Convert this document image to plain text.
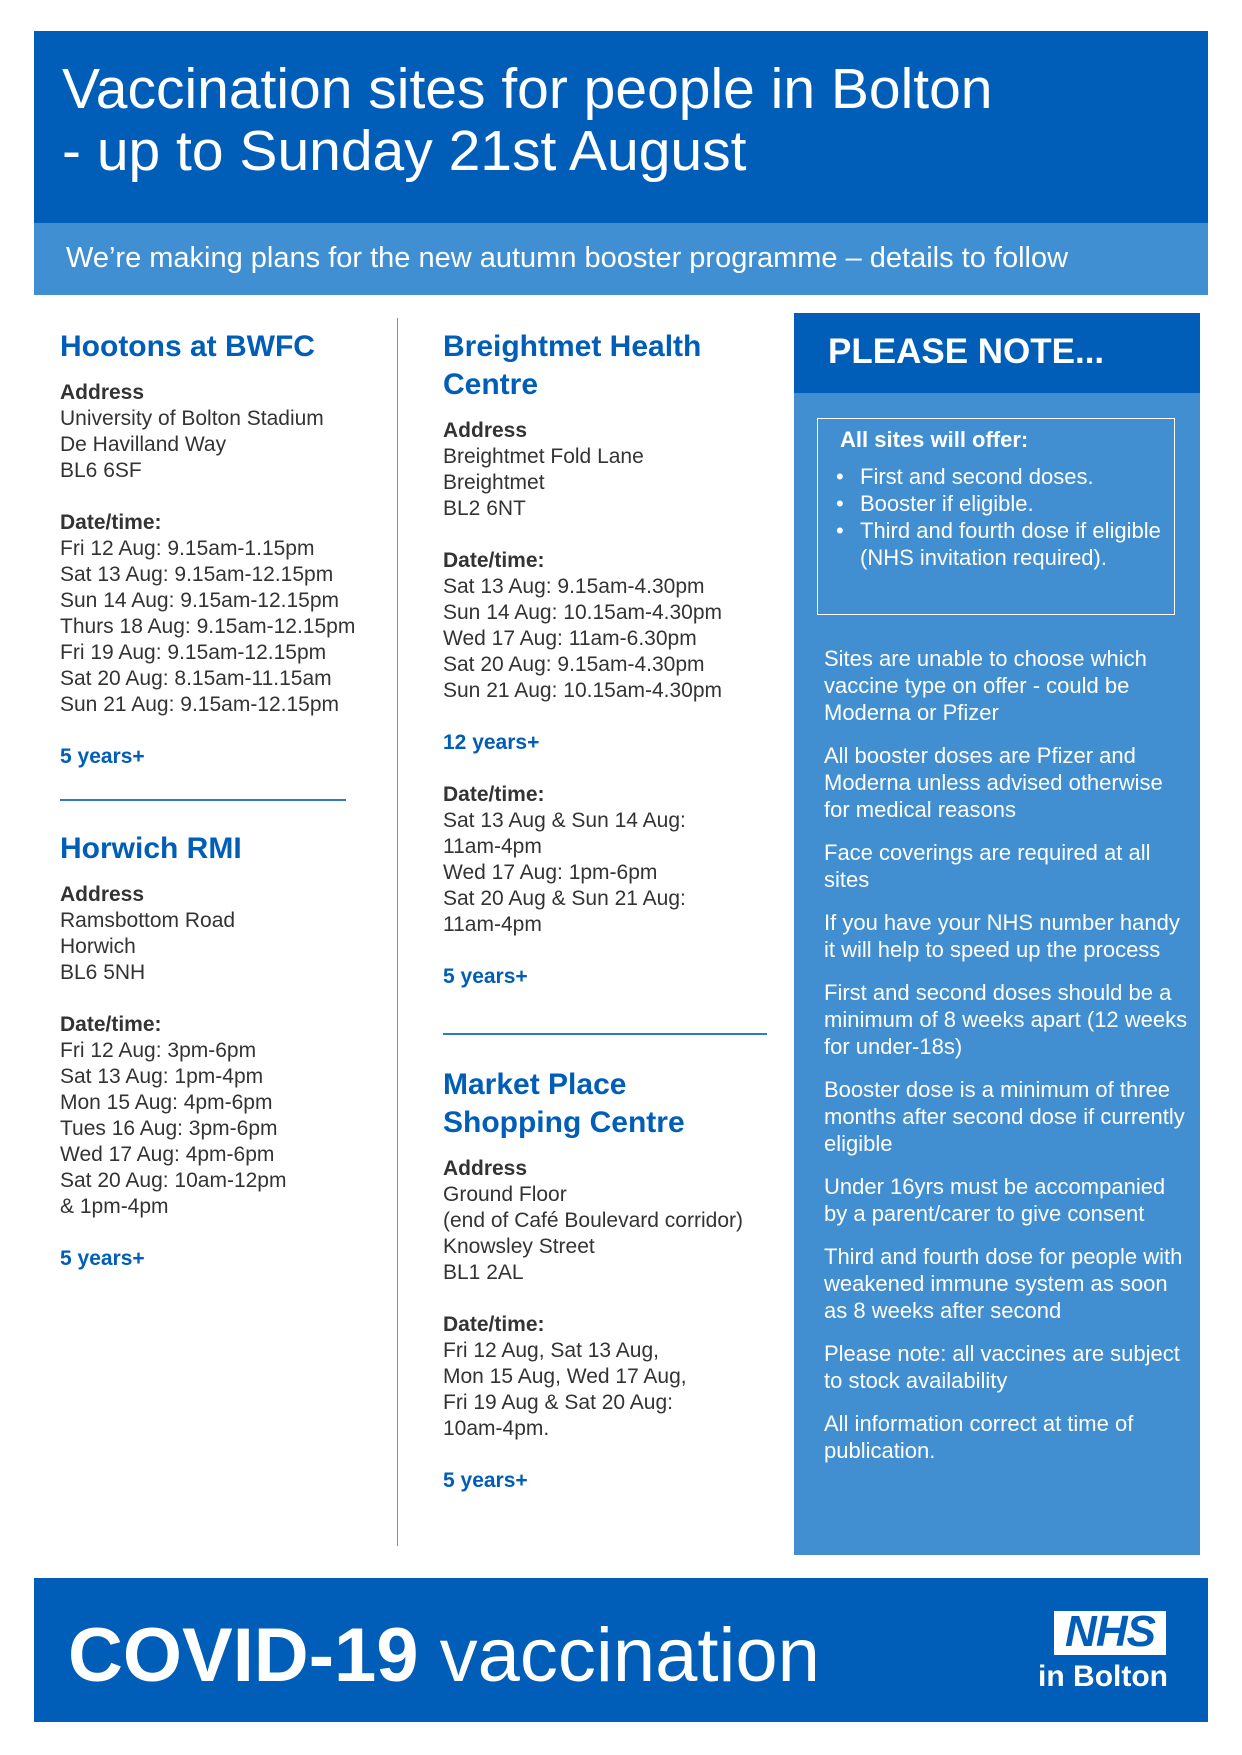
Vaccination sites for people in Bolton
- up to Sunday 21st August
We’re making plans for the new autumn booster programme – details to follow
Hootons at BWFC
Address
University of Bolton Stadium
De Havilland Way
BL6 6SF
Date/time:
Fri 12 Aug: 9.15am-1.15pm
Sat 13 Aug: 9.15am-12.15pm
Sun 14 Aug: 9.15am-12.15pm
Thurs 18 Aug: 9.15am-12.15pm
Fri 19 Aug: 9.15am-12.15pm
Sat 20 Aug: 8.15am-11.15am
Sun 21 Aug: 9.15am-12.15pm
5 years+
Horwich RMI
Address
Ramsbottom Road
Horwich
BL6 5NH
Date/time:
Fri 12 Aug: 3pm-6pm
Sat 13 Aug: 1pm-4pm
Mon 15 Aug: 4pm-6pm
Tues 16 Aug: 3pm-6pm
Wed 17 Aug: 4pm-6pm
Sat 20 Aug: 10am-12pm
& 1pm-4pm
5 years+
Breightmet Health
Centre
Address
Breightmet Fold Lane
Breightmet
BL2 6NT
Date/time:
Sat 13 Aug: 9.15am-4.30pm
Sun 14 Aug: 10.15am-4.30pm
Wed 17 Aug: 11am-6.30pm
Sat 20 Aug: 9.15am-4.30pm
Sun 21 Aug: 10.15am-4.30pm
12 years+
Date/time:
Sat 13 Aug & Sun 14 Aug:
11am-4pm
Wed 17 Aug: 1pm-6pm
Sat 20 Aug & Sun 21 Aug:
11am-4pm
5 years+
Market Place
Shopping Centre
Address
Ground Floor
(end of Café Boulevard corridor)
Knowsley Street
BL1 2AL
Date/time:
Fri 12 Aug, Sat 13 Aug,
Mon 15 Aug, Wed 17 Aug,
Fri 19 Aug & Sat 20 Aug:
10am-4pm.
5 years+
PLEASE NOTE...
All sites will offer:
• First and second doses.
• Booster if eligible.
• Third and fourth dose if eligible (NHS invitation required).

Sites are unable to choose which vaccine type on offer - could be Moderna or Pfizer

All booster doses are Pfizer and Moderna unless advised otherwise for medical reasons

Face coverings are required at all sites

If you have your NHS number handy it will help to speed up the process

First and second doses should be a minimum of 8 weeks apart (12 weeks for under-18s)

Booster dose is a minimum of three months after second dose if currently eligible

Under 16yrs must be accompanied by a parent/carer to give consent

Third and fourth dose for people with weakened immune system as soon as 8 weeks after second

Please note: all vaccines are subject to stock availability

All information correct at time of publication.

COVID-19 vaccination	NHS
in Bolton
